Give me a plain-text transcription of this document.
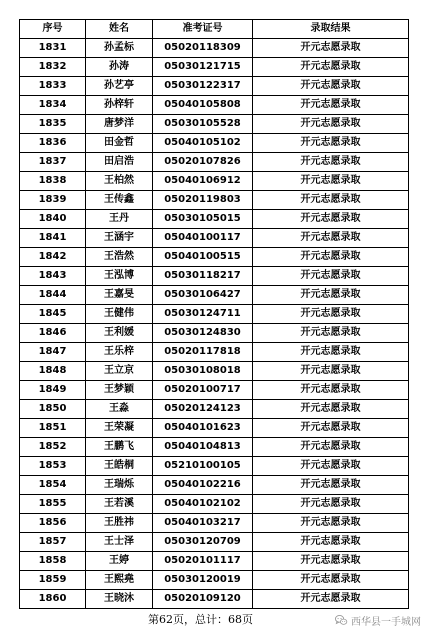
序号	姓名	准考证号	录取结果
1831	孙孟标	05020118309	开元志愿录取
1832	孙涛	05030121715	开元志愿录取
1833	孙艺亭	05030122317	开元志愿录取
1834	孙梓轩	05040105808	开元志愿录取
1835	唐梦洋	05030105528	开元志愿录取
1836	田金哲	05040105102	开元志愿录取
1837	田启浩	05020107826	开元志愿录取
1838	王柏然	05040106912	开元志愿录取
1839	王传鑫	05020119803	开元志愿录取
1840	王丹	05030105015	开元志愿录取
1841	王涵宇	05040100117	开元志愿录取
1842	王浩然	05040100515	开元志愿录取
1843	王泓博	05030118217	开元志愿录取
1844	王嘉旻	05030106427	开元志愿录取
1845	王健伟	05030124711	开元志愿录取
1846	王利媛	05030124830	开元志愿录取
1847	王乐梓	05020117818	开元志愿录取
1848	王立京	05030108018	开元志愿录取
1849	王梦颖	05020100717	开元志愿录取
1850	王淼	05020124123	开元志愿录取
1851	王荣凝	05040101623	开元志愿录取
1852	王鹏飞	05040104813	开元志愿录取
1853	王皓桐	05210100105	开元志愿录取
1854	王瑞烁	05040102216	开元志愿录取
1855	王若溪	05040102102	开元志愿录取
1856	王胜祎	05040103217	开元志愿录取
1857	王士泽	05030120709	开元志愿录取
1858	王婷	05020101117	开元志愿录取
1859	王熙堯	05030120019	开元志愿录取
1860	王晓沐	05020109120	开元志愿录取
第62页，总计：68页	西华县一手城网
